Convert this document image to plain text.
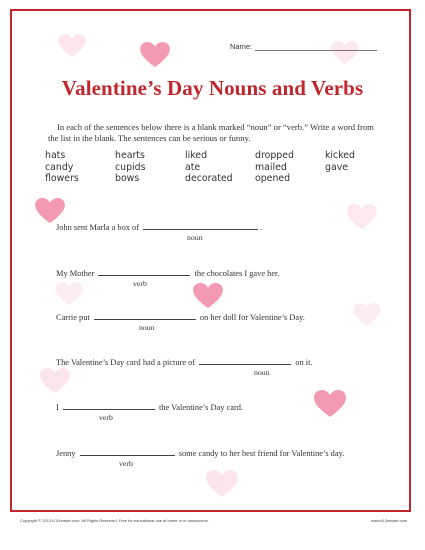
Name:
Valentine’s Day Nouns and Verbs
In each of the sentences below there is a blank marked “noun” or “verb.” Write a word from the list in the blank. The sentences can be serious or funny.
hats	hearts	liked	dropped	kicked
candy	cupids	ate	mailed	gave
flowers	bows	decorated	opened
John sent Marla a box of	.
noun
My Mother	the chocolates I gave her.
verb
Carrie put	on her doll for Valentine’s Day.
noun
The Valentine’s Day card had a picture of	on it.
noun
I	the Valentine’s Day card.
verb
Jenny	some candy to her best friend for Valentine’s day.
verb
Copyright © 2013 K12reader.com. All Rights Reserved. Free for educational use at home or in classrooms.	www.k12reader.com
